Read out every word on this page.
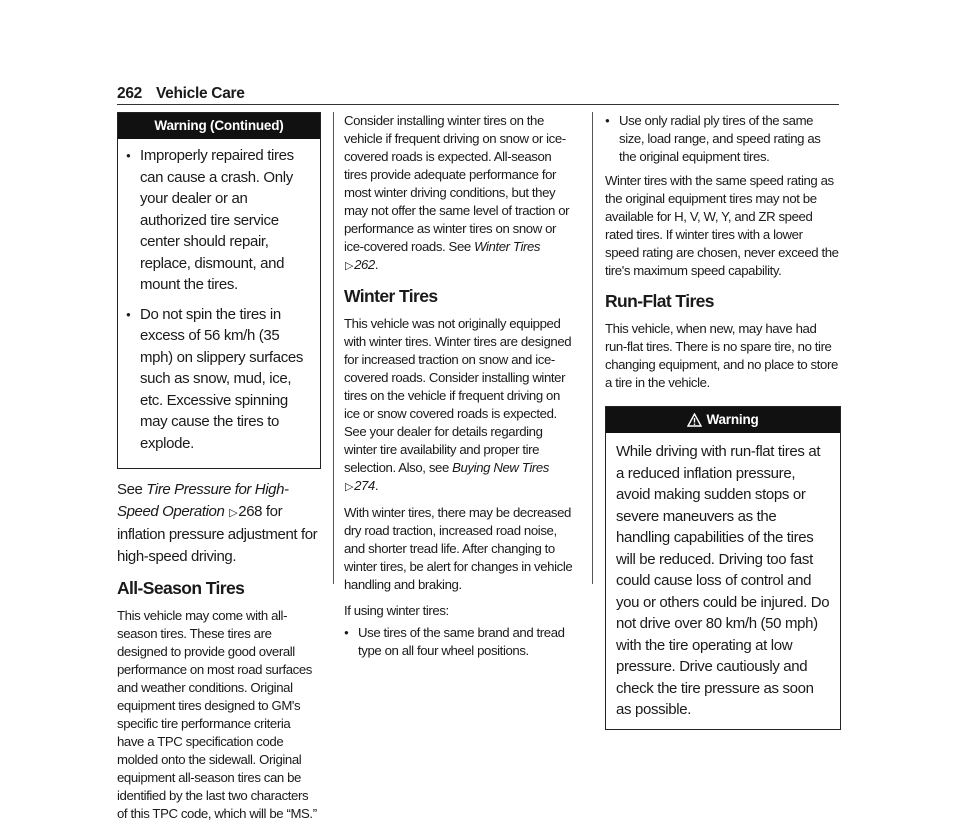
262 Vehicle Care
Warning (Continued)
● Improperly repaired tires can cause a crash. Only your dealer or an authorized tire service center should repair, replace, dismount, and mount the tires.
● Do not spin the tires in excess of 56 km/h (35 mph) on slippery surfaces such as snow, mud, ice, etc. Excessive spinning may cause the tires to explode.

See Tire Pressure for High-Speed Operation ▷268 for inflation pressure adjustment for high-speed driving.

All-Season Tires

This vehicle may come with all-season tires. These tires are designed to provide good overall performance on most road surfaces and weather conditions. Original equipment tires designed to GM's specific tire performance criteria have a TPC specification code molded onto the sidewall. Original equipment all-season tires can be identified by the last two characters of this TPC code, which will be “MS.”

Consider installing winter tires on the vehicle if frequent driving on snow or ice-covered roads is expected. All-season tires provide adequate performance for most winter driving conditions, but they may not offer the same level of traction or performance as winter tires on snow or ice-covered roads. See Winter Tires ▷262.

Winter Tires

This vehicle was not originally equipped with winter tires. Winter tires are designed for increased traction on snow and ice-covered roads. Consider installing winter tires on the vehicle if frequent driving on ice or snow covered roads is expected. See your dealer for details regarding winter tire availability and proper tire selection. Also, see Buying New Tires ▷274.

With winter tires, there may be decreased dry road traction, increased road noise, and shorter tread life. After changing to winter tires, be alert for changes in vehicle handling and braking.

If using winter tires:

● Use tires of the same brand and tread type on all four wheel positions.
● Use only radial ply tires of the same size, load range, and speed rating as the original equipment tires.

Winter tires with the same speed rating as the original equipment tires may not be available for H, V, W, Y, and ZR speed rated tires. If winter tires with a lower speed rating are chosen, never exceed the tire's maximum speed capability.

Run-Flat Tires

This vehicle, when new, may have had run-flat tires. There is no spare tire, no tire changing equipment, and no place to store a tire in the vehicle.

Warning
While driving with run-flat tires at a reduced inflation pressure, avoid making sudden stops or severe maneuvers as the handling capabilities of the tires will be reduced. Driving too fast could cause loss of control and you or others could be injured. Do not drive over 80 km/h (50 mph) with the tire operating at low pressure. Drive cautiously and check the tire pressure as soon as possible.
